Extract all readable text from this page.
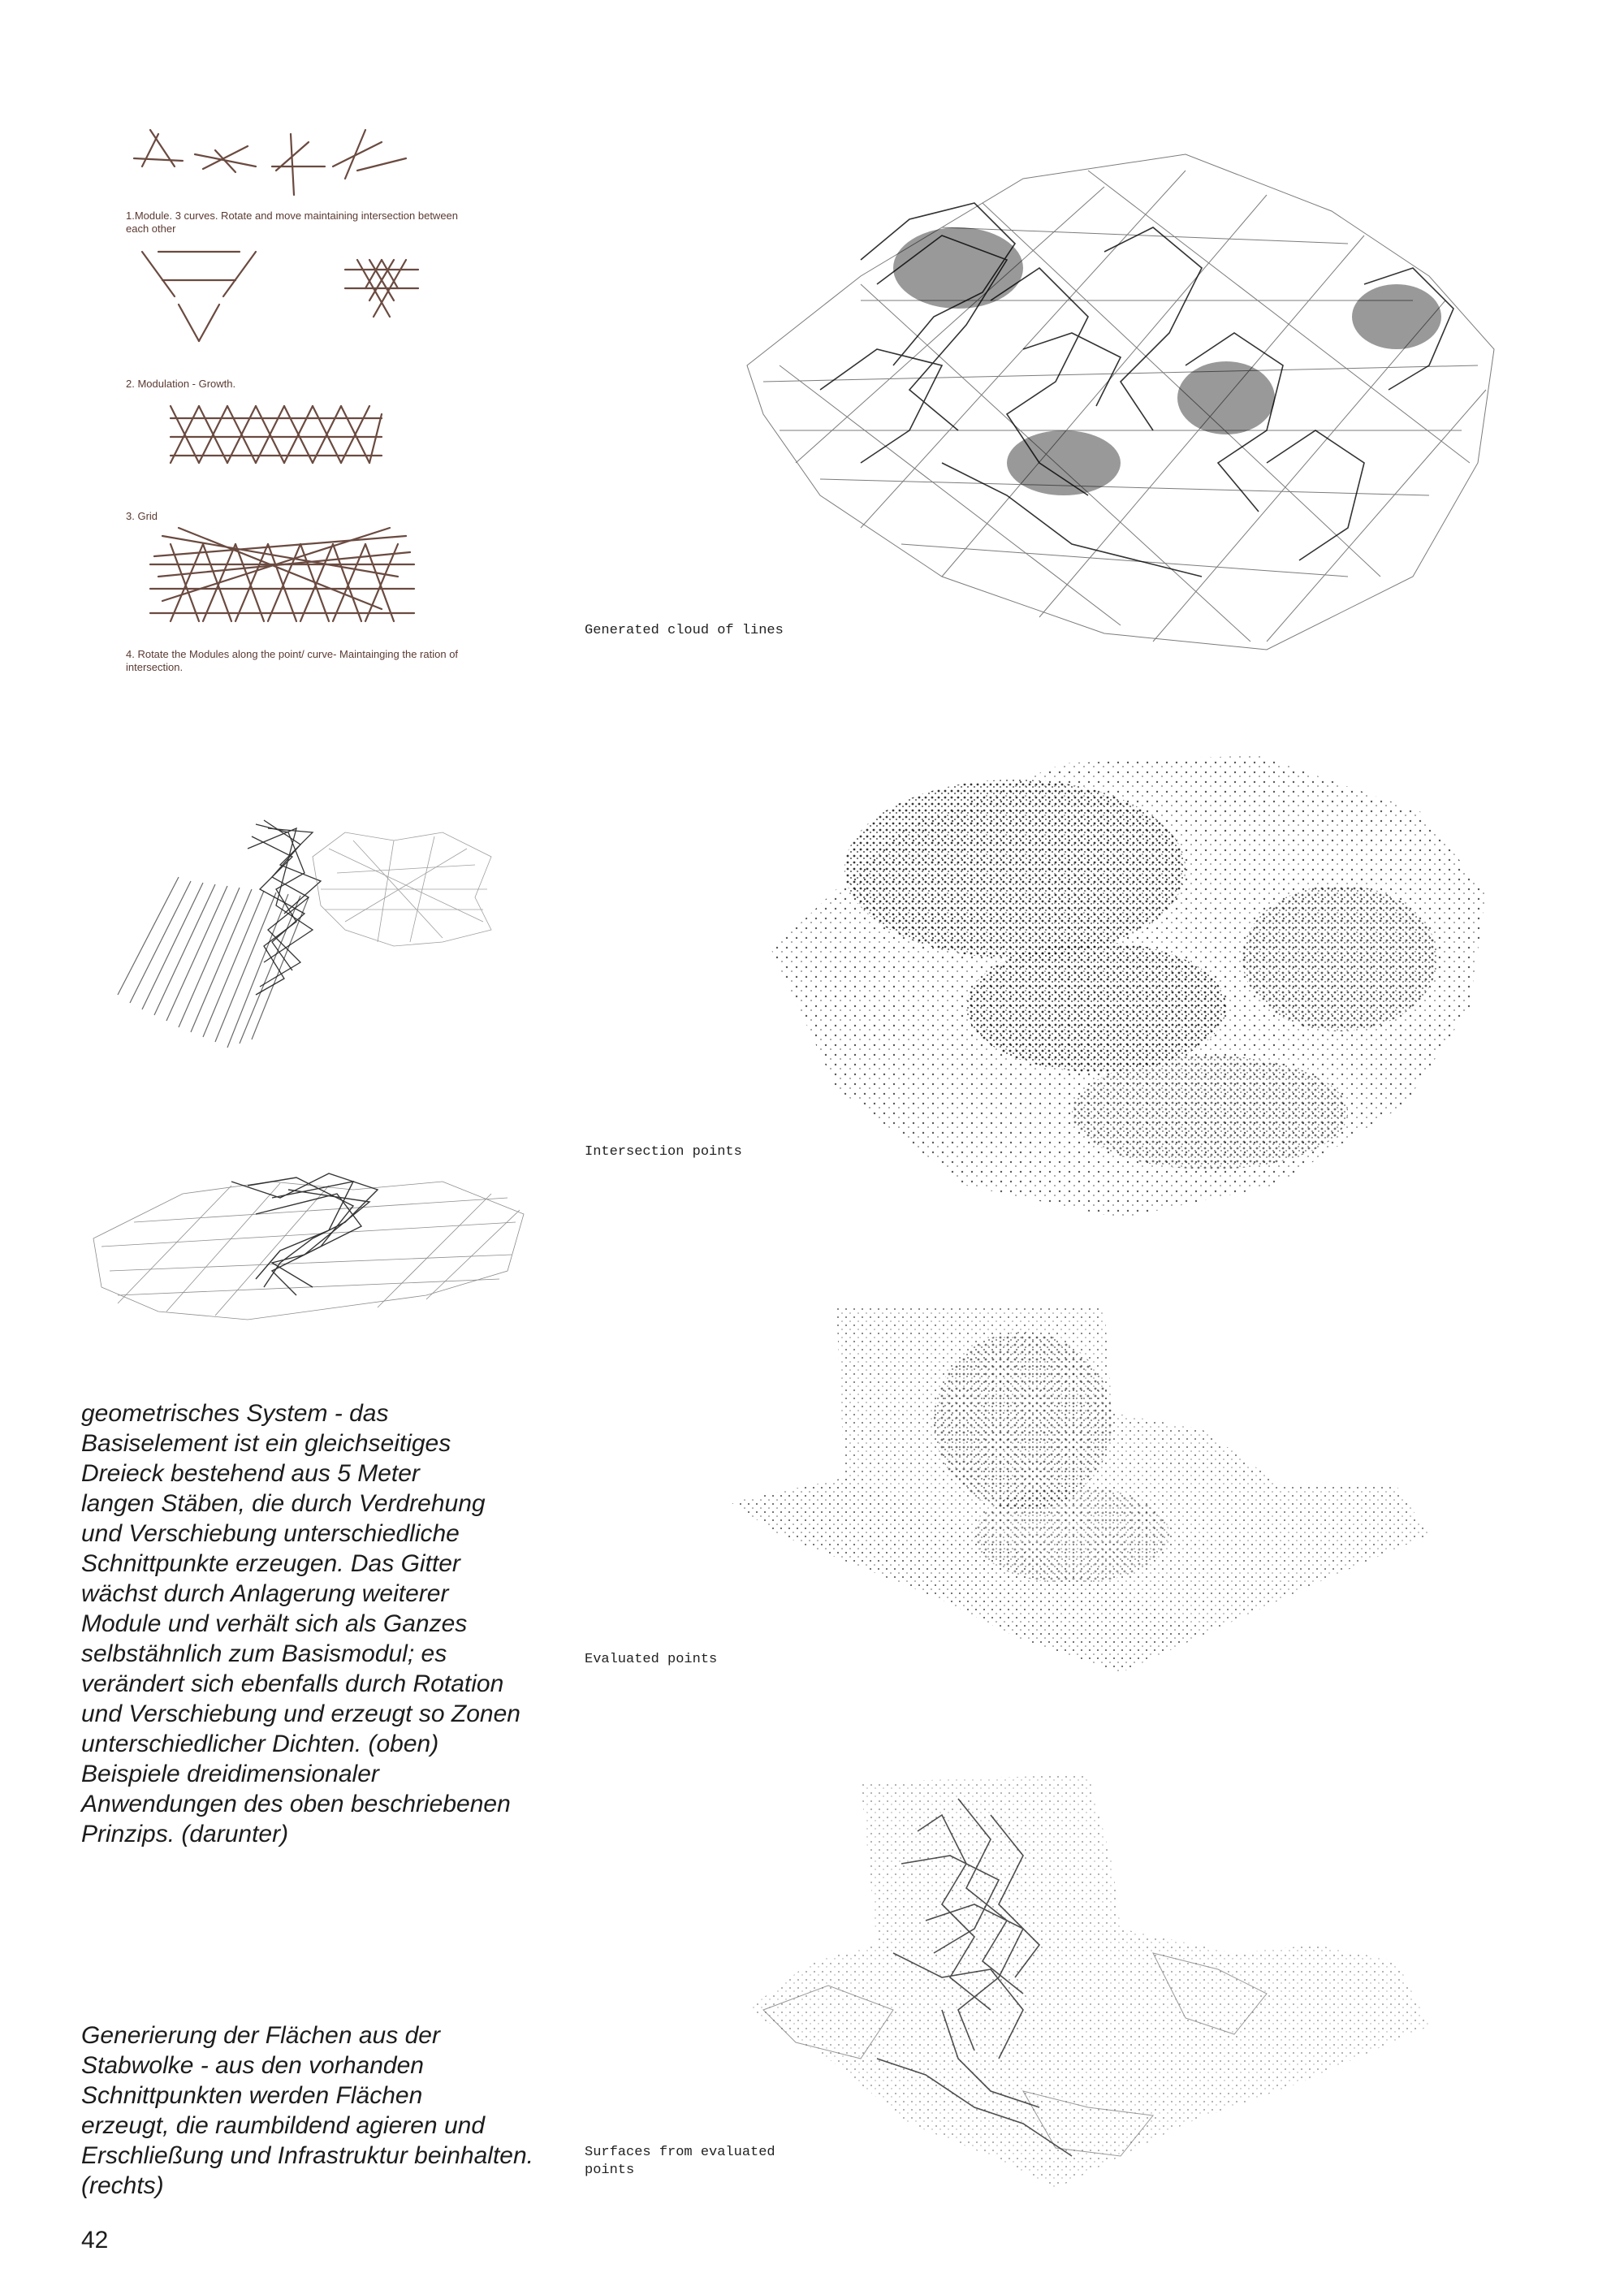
1.Module. 3 curves. Rotate and move maintaining intersection between each other
2. Modulation - Growth.
3. Grid
4. Rotate the Modules along the point/ curve- Maintainging the ration of intersection.
geometrisches System - das
Basiselement ist ein gleichseitiges
Dreieck bestehend aus 5 Meter
langen Stäben, die durch Verdrehung
und Verschiebung unterschiedliche
Schnittpunkte erzeugen. Das Gitter
wächst durch Anlagerung weiterer
Module und verhält sich als Ganzes
selbstähnlich zum Basismodul; es
verändert sich ebenfalls durch Rotation
und Verschiebung und erzeugt so Zonen
unterschiedlicher Dichten. (oben)
Beispiele dreidimensionaler
Anwendungen des oben beschriebenen
Prinzips. (darunter)
Generierung der Flächen aus der
Stabwolke - aus den vorhanden
Schnittpunkten werden Flächen
erzeugt, die raumbildend agieren und
Erschließung und Infrastruktur beinhalten.
(rechts)
42
Generated cloud of lines
Intersection points
Evaluated points
Surfaces from evaluated
points
